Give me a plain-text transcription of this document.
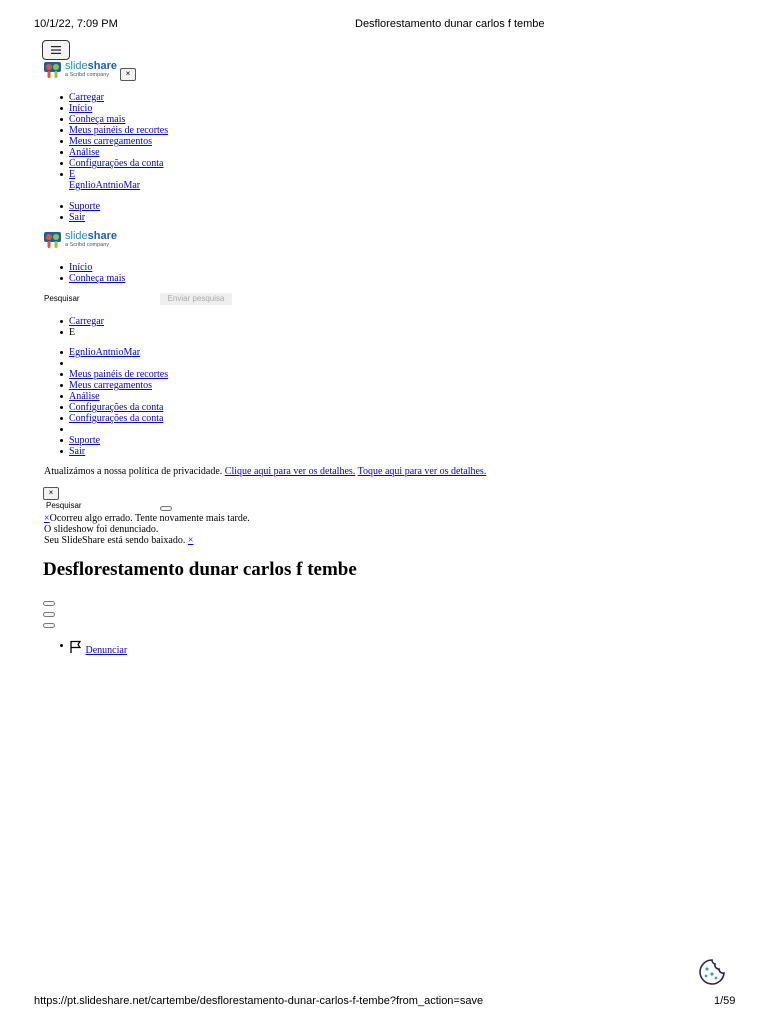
10/1/22, 7:09 PM	Desflorestamento dunar carlos f tembe
slideshare
a Scribd company	×
Carregar
Início
Conheça mais
Meus painéis de recortes
Meus carregamentos
Análise
Configurações da conta
E
EgnlioAntnioMar
Suporte
Sair
slideshare
a Scribd company
Início
Conheça mais
Pesquisar	Enviar pesquisa
Carregar
E
EgnlioAntnioMar
Meus painéis de recortes
Meus carregamentos
Análise
Configurações da conta
Configurações da conta
Suporte
Sair
Atualizámos a nossa política de privacidade. Clique aqui para ver os detalhes. Toque aqui para ver os detalhes.
×
Pesquisar
×Ocorreu algo errado. Tente novamente mais tarde.
O slideshow foi denunciado.
Seu SlideShare está sendo baixado. ×
Desflorestamento dunar carlos f tembe
Denunciar
https://pt.slideshare.net/cartembe/desflorestamento-dunar-carlos-f-tembe?from_action=save	1/59
